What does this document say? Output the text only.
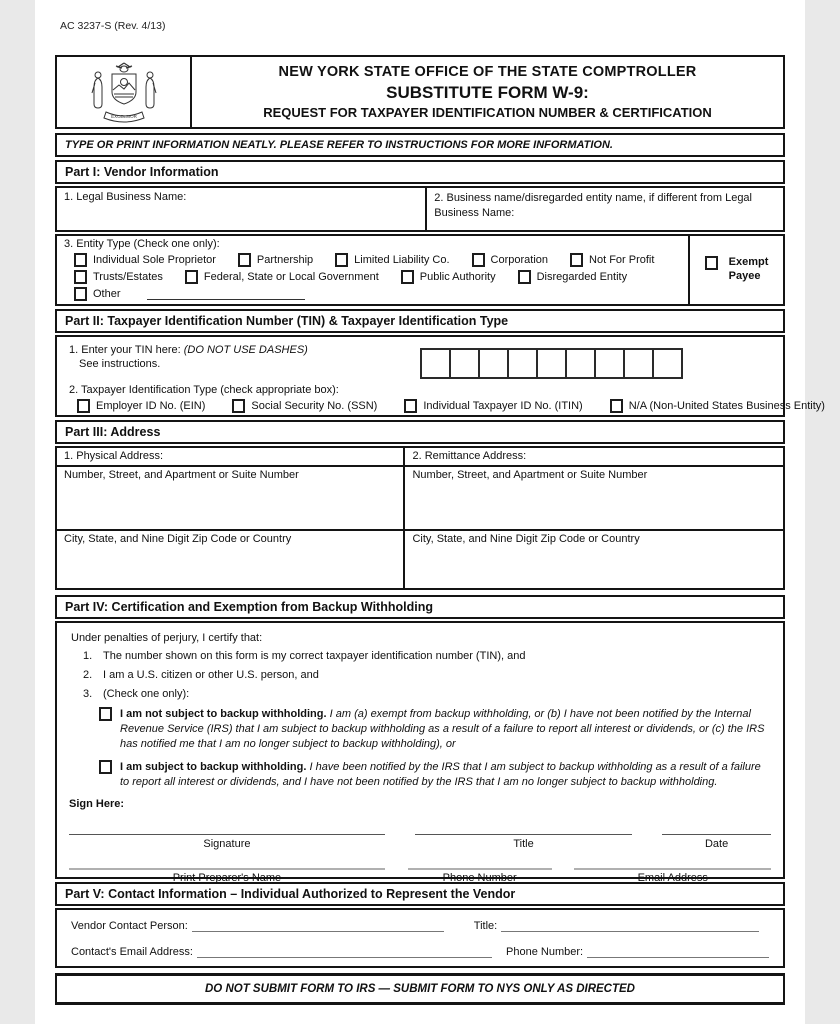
AC 3237-S (Rev. 4/13)
EXCELSIOR
NEW YORK STATE OFFICE OF THE STATE COMPTROLLER
SUBSTITUTE FORM W-9:
REQUEST FOR TAXPAYER IDENTIFICATION NUMBER & CERTIFICATION
TYPE OR PRINT INFORMATION NEATLY. PLEASE REFER TO INSTRUCTIONS FOR MORE INFORMATION.
Part I: Vendor Information
1. Legal Business Name:	2. Business name/disregarded entity name, if different from Legal Business Name:
3. Entity Type (Check one only):
Individual Sole Proprietor	Partnership	Limited Liability Co.	Corporation	Not For Profit
Trusts/Estates	Federal, State or Local Government	Public Authority	Disregarded Entity
Other
Exempt
Payee
Part II: Taxpayer Identification Number (TIN) & Taxpayer Identification Type
1. Enter your TIN here: (DO NOT USE DASHES)
See instructions.
2. Taxpayer Identification Type (check appropriate box):
Employer ID No. (EIN)	Social Security No. (SSN)	Individual Taxpayer ID No. (ITIN)	N/A (Non-United States Business Entity)
Part III: Address
1. Physical Address:	2. Remittance Address:
Number, Street, and Apartment or Suite Number	Number, Street, and Apartment or Suite Number
City, State, and Nine Digit Zip Code or Country	City, State, and Nine Digit Zip Code or Country
Part IV: Certification and Exemption from Backup Withholding
Under penalties of perjury, I certify that:
1. The number shown on this form is my correct taxpayer identification number (TIN), and
2. I am a U.S. citizen or other U.S. person, and
3. (Check one only):
I am not subject to backup withholding. I am (a) exempt from backup withholding, or (b) I have not been notified by the Internal Revenue Service (IRS) that I am subject to backup withholding as a result of a failure to report all interest or dividends, or (c) the IRS has notified me that I am no longer subject to backup withholding), or
I am subject to backup withholding. I have been notified by the IRS that I am subject to backup withholding as a result of a failure to report all interest or dividends, and I have not been notified by the IRS that I am no longer subject to backup withholding.
Sign Here:
Signature	Title	Date
Print Preparer's Name	Phone Number	Email Address
Part V: Contact Information – Individual Authorized to Represent the Vendor
Vendor Contact Person:	Title:
Contact's Email Address:	Phone Number:
DO NOT SUBMIT FORM TO IRS — SUBMIT FORM TO NYS ONLY AS DIRECTED
